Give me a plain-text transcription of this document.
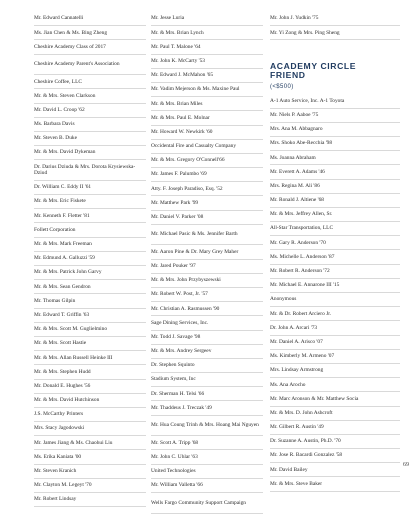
Mr. Edward Cannatelli
Ms. Jian Chen & Ms. Bing Zheng
Cheshire Academy Class of 2017
Cheshire Academy Parent's Association
Cheshire Coffee, LLC
Mr. & Mrs. Steven Clarkson
Mr. David L. Croop '62
Ms. Barbara Davis
Mr. Steven B. Duke
Mr. & Mrs. David Dykeman
Dr. Darius Dziuda & Mrs. Dorota Krysiewska-Dziud
Dr. William C. Eddy II '61
Mr. & Mrs. Eric Fiskete
Mr. Kenneth F. Fletter '81
Follett Corporation
Mr. & Mrs. Mark Freeman
Mr. Edmund A. Galluzzi '59
Mr. & Mrs. Patrick John Garvy
Mr. & Mrs. Sean Gendron
Mr. Thomas Gilpin
Mr. Edward T. Griffin '63
Mr. & Mrs. Scott M. Guglielmino
Mr. & Mrs. Scott Hastie
Mr. & Mrs. Allan Russell Heinke III
Mr. & Mrs. Stephen Hudd
Mr. Donald E. Hughes '56
Mr. & Mrs. David Hutchinson
J.S. McCarthy Printers
Mrs. Stacy Jagodowski
Mr. James Jiang & Ms. Chaohui Liu
Ms. Erika Kaniata '00
Mr. Steven Kranich
Mr. Clayton M. Legeyt '70
Mr. Robert Lindsay
Mr. Jesse Luria
Mr. & Mrs. Brian Lynch
Mr. Paul T. Malone '64
Mr. John K. McCarty '53
Mr. Edward J. McMahon '65
Mr. Vadim Mejerson & Ms. Maxine Paul
Mr. & Mrs. Brian Miles
Mr. & Mrs. Paul E. Molnar
Mr. Howard W. Newkirk '60
Occidental Fire and Casualty Company
Mr. & Mrs. Gregory O'Connell'66
Mr. James F. Palumbo '69
Atty. F. Joseph Paradiso, Esq. '52
Mr. Matthew Park '99
Mr. Daniel V. Parker '08
Mr. Michael Pasic & Ms. Jennifer Barth
Mr. Aaron Pine & Dr. Mary Grey Maher
Mr. Jared Pouker '97
Mr. & Mrs. John Przybyszewski
Mr. Robert W. Post, Jr. '57
Mr. Christian A. Rasmussen '90
Sage Dining Services, Inc.
Mr. Todd J. Savage '98
Mr. & Mrs. Andrey Sergeev
Dr. Stephen Squinto
Stadium System, Inc
Dr. Sherman H. Telsi '66
Mr. Thaddeus J. Treczak '49
Mr. Hua Coung Trinh & Mrs. Hoang Mai Nguyen
Mr. Scott A. Tripp '68
Mr. John C. Uhlar '63
United Technologies
Mr. William Valletta '66
Wells Fargo Community Support Campaign
Mr. John J. Yudkin '75
Mr. Yi Zong & Mrs. Ping Sheng
ACADEMY CIRCLE
FRIEND
(<$500)
A-1 Auto Service, Inc. A-1 Toyota
Mr. Niels P. Aaboe '75
Mrs. Ana M. Abbagnaro
Mrs. Shoko Abe-Recchia '98
Ms. Joanna Abraham
Mr. Everett A. Adams '46
Mrs. Regina M. Ali '86
Mr. Ronald J. Altiene '68
Mr. & Mrs. Jeffrey Allen, Sr.
All-Star Transportation, LLC
Mr. Gary R. Anderson '70
Ms. Michelle L. Anderson '87
Mr. Robert R. Anderson '72
Mr. Michael E. Annarone III '15
Anonymous
Mr. & Dr. Robert Arciero Jr.
Dr. John A. Arcari '73
Mr. Daniel A. Arisco '07
Ms. Kimberly M. Armeno '07
Mrs. Lindsay Armstrong
Ms. Ana Arocho
Mr. Marc Aronson & Mr. Matthew Socia
Mr. & Mrs. D. John Ashcroft
Mr. Gilbert R. Austin '49
Dr. Suzanne A. Austin, Ph.D. '70
Mr. Jose R. Bacardi Gonzalez '58
Mr. David Bailey
Mr. & Mrs. Steve Baker
69
